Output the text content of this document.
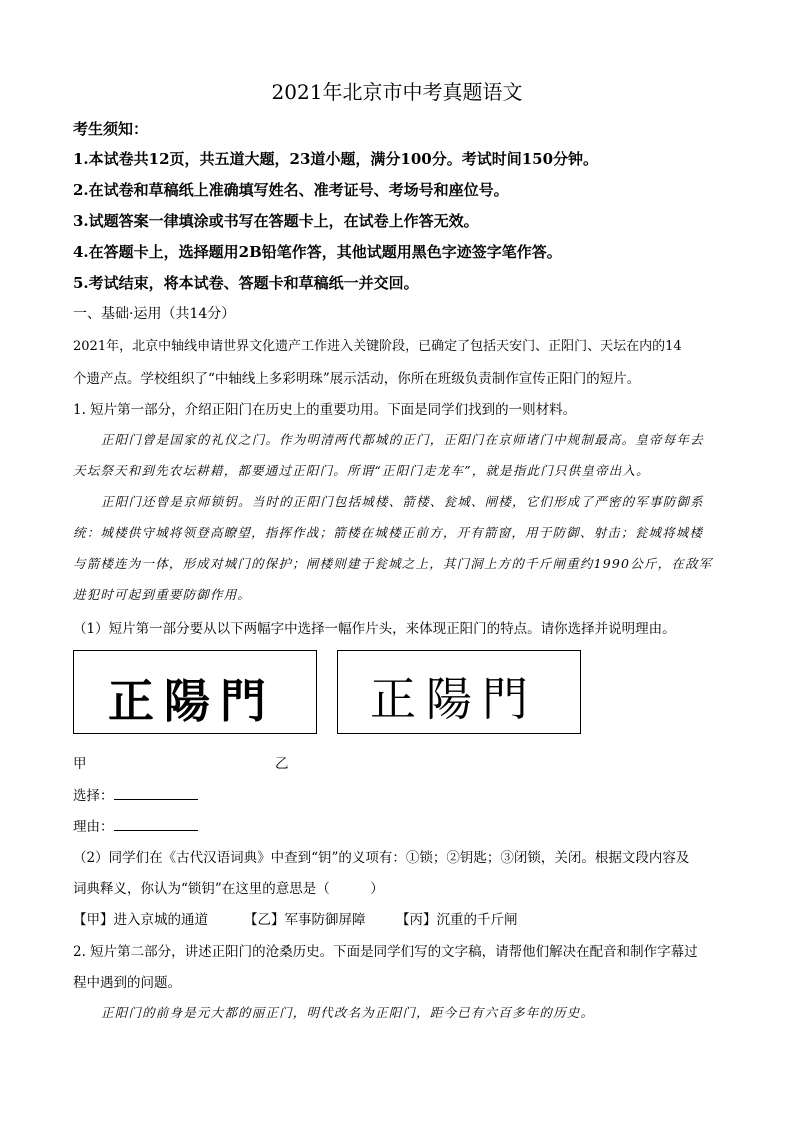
2021年北京市中考真题语文
考生须知：
1.本试卷共12页，共五道大题，23道小题，满分100分。考试时间150分钟。
2.在试卷和草稿纸上准确填写姓名、准考证号、考场号和座位号。
3.试题答案一律填涂或书写在答题卡上，在试卷上作答无效。
4.在答题卡上，选择题用2B铅笔作答，其他试题用黑色字迹签字笔作答。
5.考试结束，将本试卷、答题卡和草稿纸一并交回。
一、基础·运用（共14分）
2021年，北京中轴线申请世界文化遗产工作进入关键阶段，已确定了包括天安门、正阳门、天坛在内的14
个遗产点。学校组织了“中轴线上多彩明珠”展示活动，你所在班级负责制作宣传正阳门的短片。
1. 短片第一部分，介绍正阳门在历史上的重要功用。下面是同学们找到的一则材料。
正阳门曾是国家的礼仪之门。作为明清两代都城的正门，正阳门在京师诸门中规制最高。皇帝每年去
天坛祭天和到先农坛耕耤，都要通过正阳门。所谓“正阳门走龙车”，就是指此门只供皇帝出入。
正阳门还曾是京师锁钥。当时的正阳门包括城楼、箭楼、瓮城、闸楼，它们形成了严密的军事防御系
统：城楼供守城将领登高瞭望，指挥作战；箭楼在城楼正前方，开有箭窗，用于防御、射击；瓮城将城楼
与箭楼连为一体，形成对城门的保护；闸楼则建于瓮城之上，其门洞上方的千斤闸重约1990公斤，在敌军
进犯时可起到重要防御作用。
（1）短片第一部分要从以下两幅字中选择一幅作片头，来体现正阳门的特点。请你选择并说明理由。
正陽門 正陽門
甲	乙
选择：
理由：
（2）同学们在《古代汉语词典》中查到“钥”的义项有：①锁；②钥匙；③闭锁，关闭。根据文段内容及
词典释义，你认为“锁钥”在这里的意思是（　　　）
【甲】进入京城的通道	【乙】军事防御屏障 【丙】沉重的千斤闸
2. 短片第二部分，讲述正阳门的沧桑历史。下面是同学们写的文字稿，请帮他们解决在配音和制作字幕过
程中遇到的问题。
正阳门的前身是元大都的丽正门，明代改名为正阳门，距今已有六百多年的历史。
